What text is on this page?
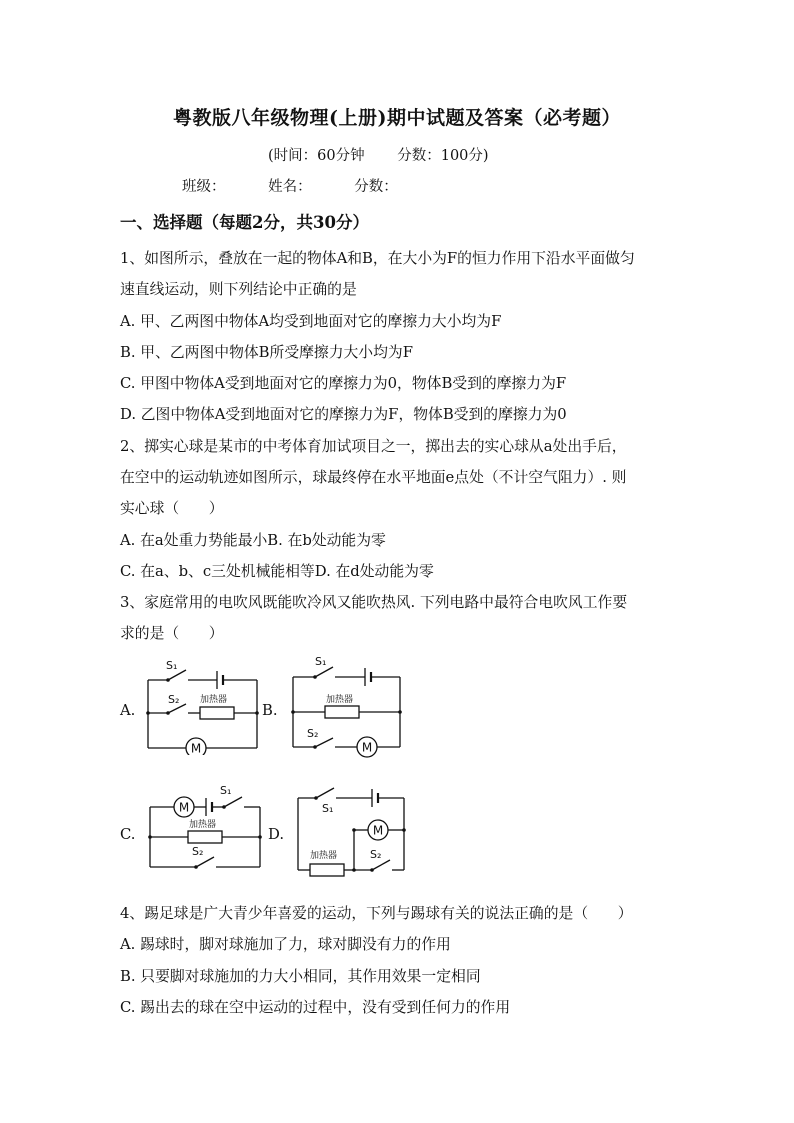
粤教版八年级物理(上册)期中试题及答案（必考题）
(时间：60分钟 分数：100分)
班级：	姓名：	分数：
一、选择题（每题2分，共30分）
1、如图所示，叠放在一起的物体A和B，在大小为F的恒力作用下沿水平面做匀
速直线运动，则下列结论中正确的是
A. 甲、乙两图中物体A均受到地面对它的摩擦力大小均为F
B. 甲、乙两图中物体B所受摩擦力大小均为F
C. 甲图中物体A受到地面对它的摩擦力为0，物体B受到的摩擦力为F
D. 乙图中物体A受到地面对它的摩擦力为F，物体B受到的摩擦力为0
2、掷实心球是某市的中考体育加试项目之一，掷出去的实心球从a处出手后，
在空中的运动轨迹如图所示，球最终停在水平地面e点处（不计空气阻力）. 则
实心球（　　）
A. 在a处重力势能最小B. 在b处动能为零
C. 在a、b、c三处机械能相等D. 在d处动能为零
3、家庭常用的电吹风既能吹冷风又能吹热风. 下列电路中最符合电吹风工作要
求的是（　　）
A.	B.
C.	D.
M
S₁
S₂ 加热器
M
S₁
S₂
加热器
M
S₁
S₂
加热器	M
S₁
S₂
加热器
4、踢足球是广大青少年喜爱的运动，下列与踢球有关的说法正确的是（　　）
A. 踢球时，脚对球施加了力，球对脚没有力的作用
B. 只要脚对球施加的力大小相同，其作用效果一定相同
C. 踢出去的球在空中运动的过程中，没有受到任何力的作用
